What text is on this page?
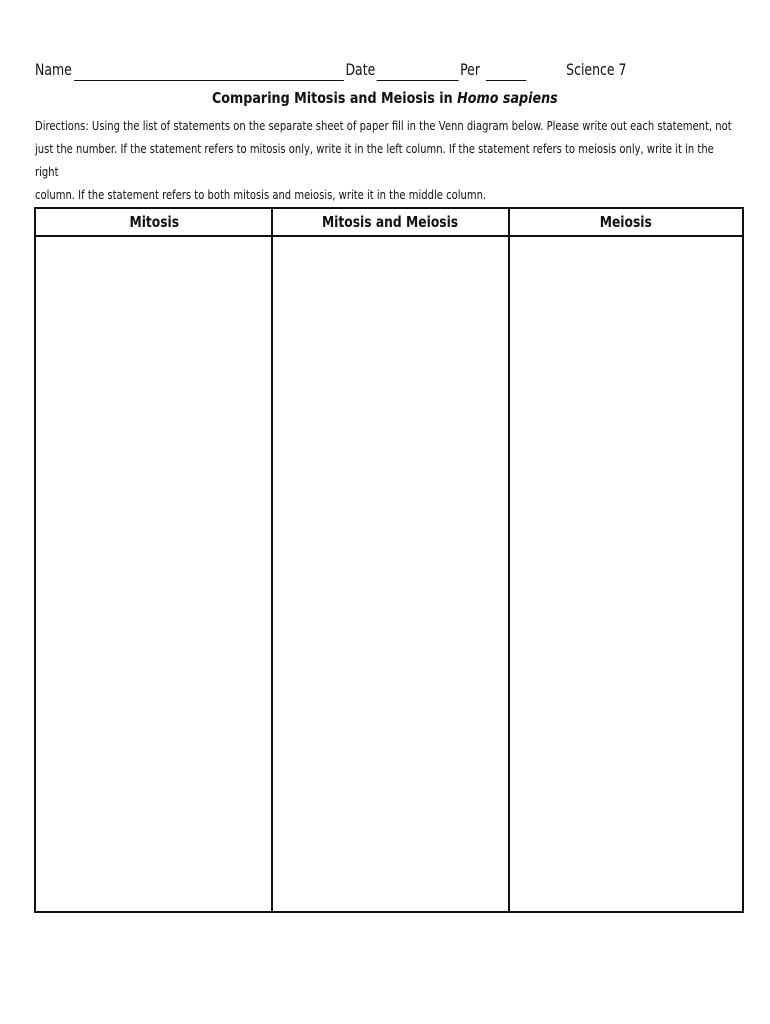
Name	Date	Per	Science 7
Comparing Mitosis and Meiosis in Homo sapiens
Directions: Using the list of statements on the separate sheet of paper fill in the Venn diagram below. Please write out each statement, not
just the number. If the statement refers to mitosis only, write it in the left column. If the statement refers to meiosis only, write it in the right
column. If the statement refers to both mitosis and meiosis, write it in the middle column.
Mitosis	Mitosis and Meiosis	Meiosis
